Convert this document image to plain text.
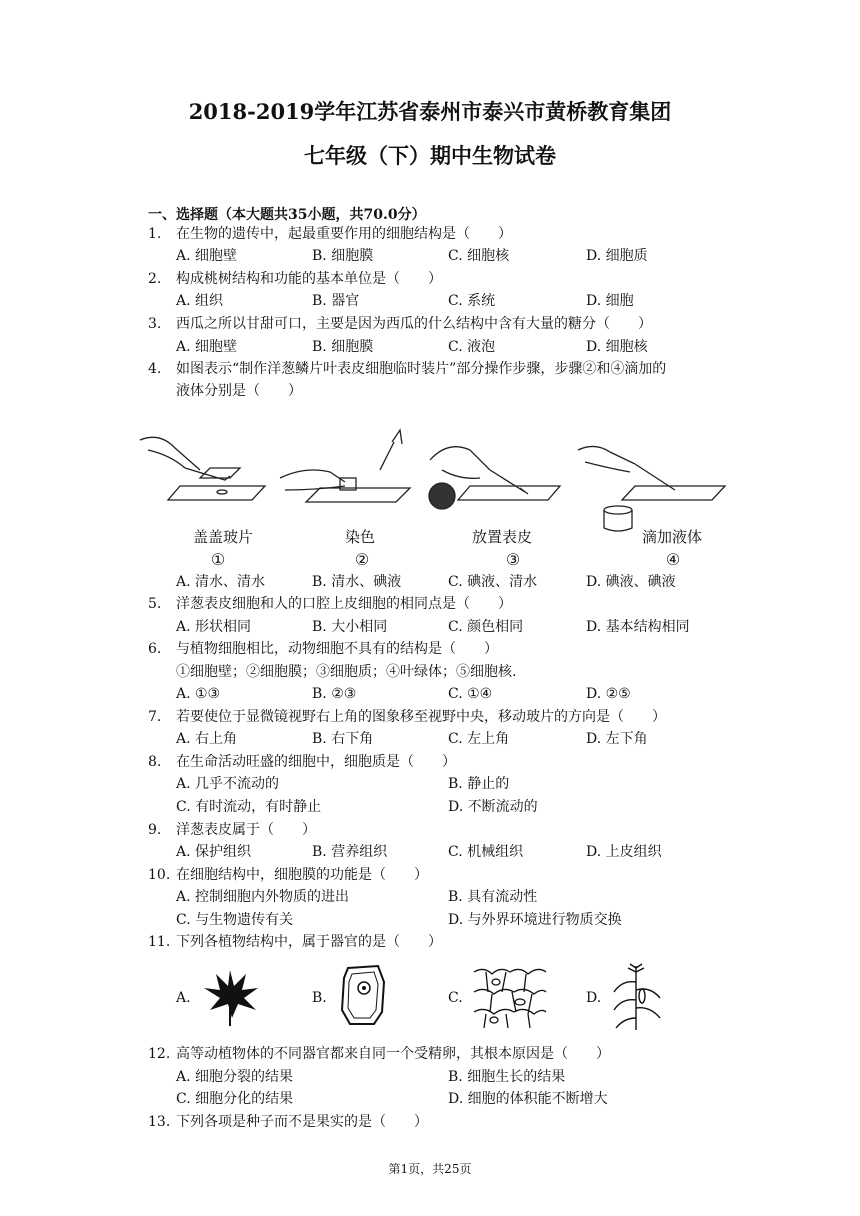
2018-2019学年江苏省泰州市泰兴市黄桥教育集团
七年级（下）期中生物试卷
一、选择题（本大题共35小题，共70.0分）
1. 在生物的遗传中，起最重要作用的细胞结构是（　　）
A. 细胞壁	B. 细胞膜	C. 细胞核	D. 细胞质
2. 构成桃树结构和功能的基本单位是（　　）
A. 组织	B. 器官	C. 系统	D. 细胞
3. 西瓜之所以甘甜可口，主要是因为西瓜的什么结构中含有大量的糖分（　　）
A. 细胞壁	B. 细胞膜	C. 液泡	D. 细胞核
4. 如图表示“制作洋葱鳞片叶表皮细胞临时装片”部分操作步骤，步骤②和④滴加的
液体分别是（　　）
盖盖玻片	染色	放置表皮	滴加液体
①	②	③	④
A. 清水、清水	B. 清水、碘液	C. 碘液、清水	D. 碘液、碘液
5. 洋葱表皮细胞和人的口腔上皮细胞的相同点是（　　）
A. 形状相同	B. 大小相同	C. 颜色相同	D. 基本结构相同
6. 与植物细胞相比，动物细胞不具有的结构是（　　）
①细胞壁；②细胞膜；③细胞质；④叶绿体；⑤细胞核.
A. ①③	B. ②③	C. ①④	D. ②⑤
7. 若要使位于显微镜视野右上角的图象移至视野中央，移动玻片的方向是（　　）
A. 右上角	B. 右下角	C. 左上角	D. 左下角
8. 在生命活动旺盛的细胞中，细胞质是（　　）
A. 几乎不流动的	B. 静止的
C. 有时流动，有时静止	D. 不断流动的
9. 洋葱表皮属于（　　）
A. 保护组织	B. 营养组织	C. 机械组织	D. 上皮组织
10. 在细胞结构中，细胞膜的功能是（　　）
A. 控制细胞内外物质的进出	B. 具有流动性
C. 与生物遗传有关	D. 与外界环境进行物质交换
11. 下列各植物结构中，属于器官的是（　　）
A.	B.	C.	D.
12. 高等动植物体的不同器官都来自同一个受精卵，其根本原因是（　　）
A. 细胞分裂的结果	B. 细胞生长的结果
C. 细胞分化的结果	D. 细胞的体积能不断增大
13. 下列各项是种子而不是果实的是（　　）
第1页，共25页
